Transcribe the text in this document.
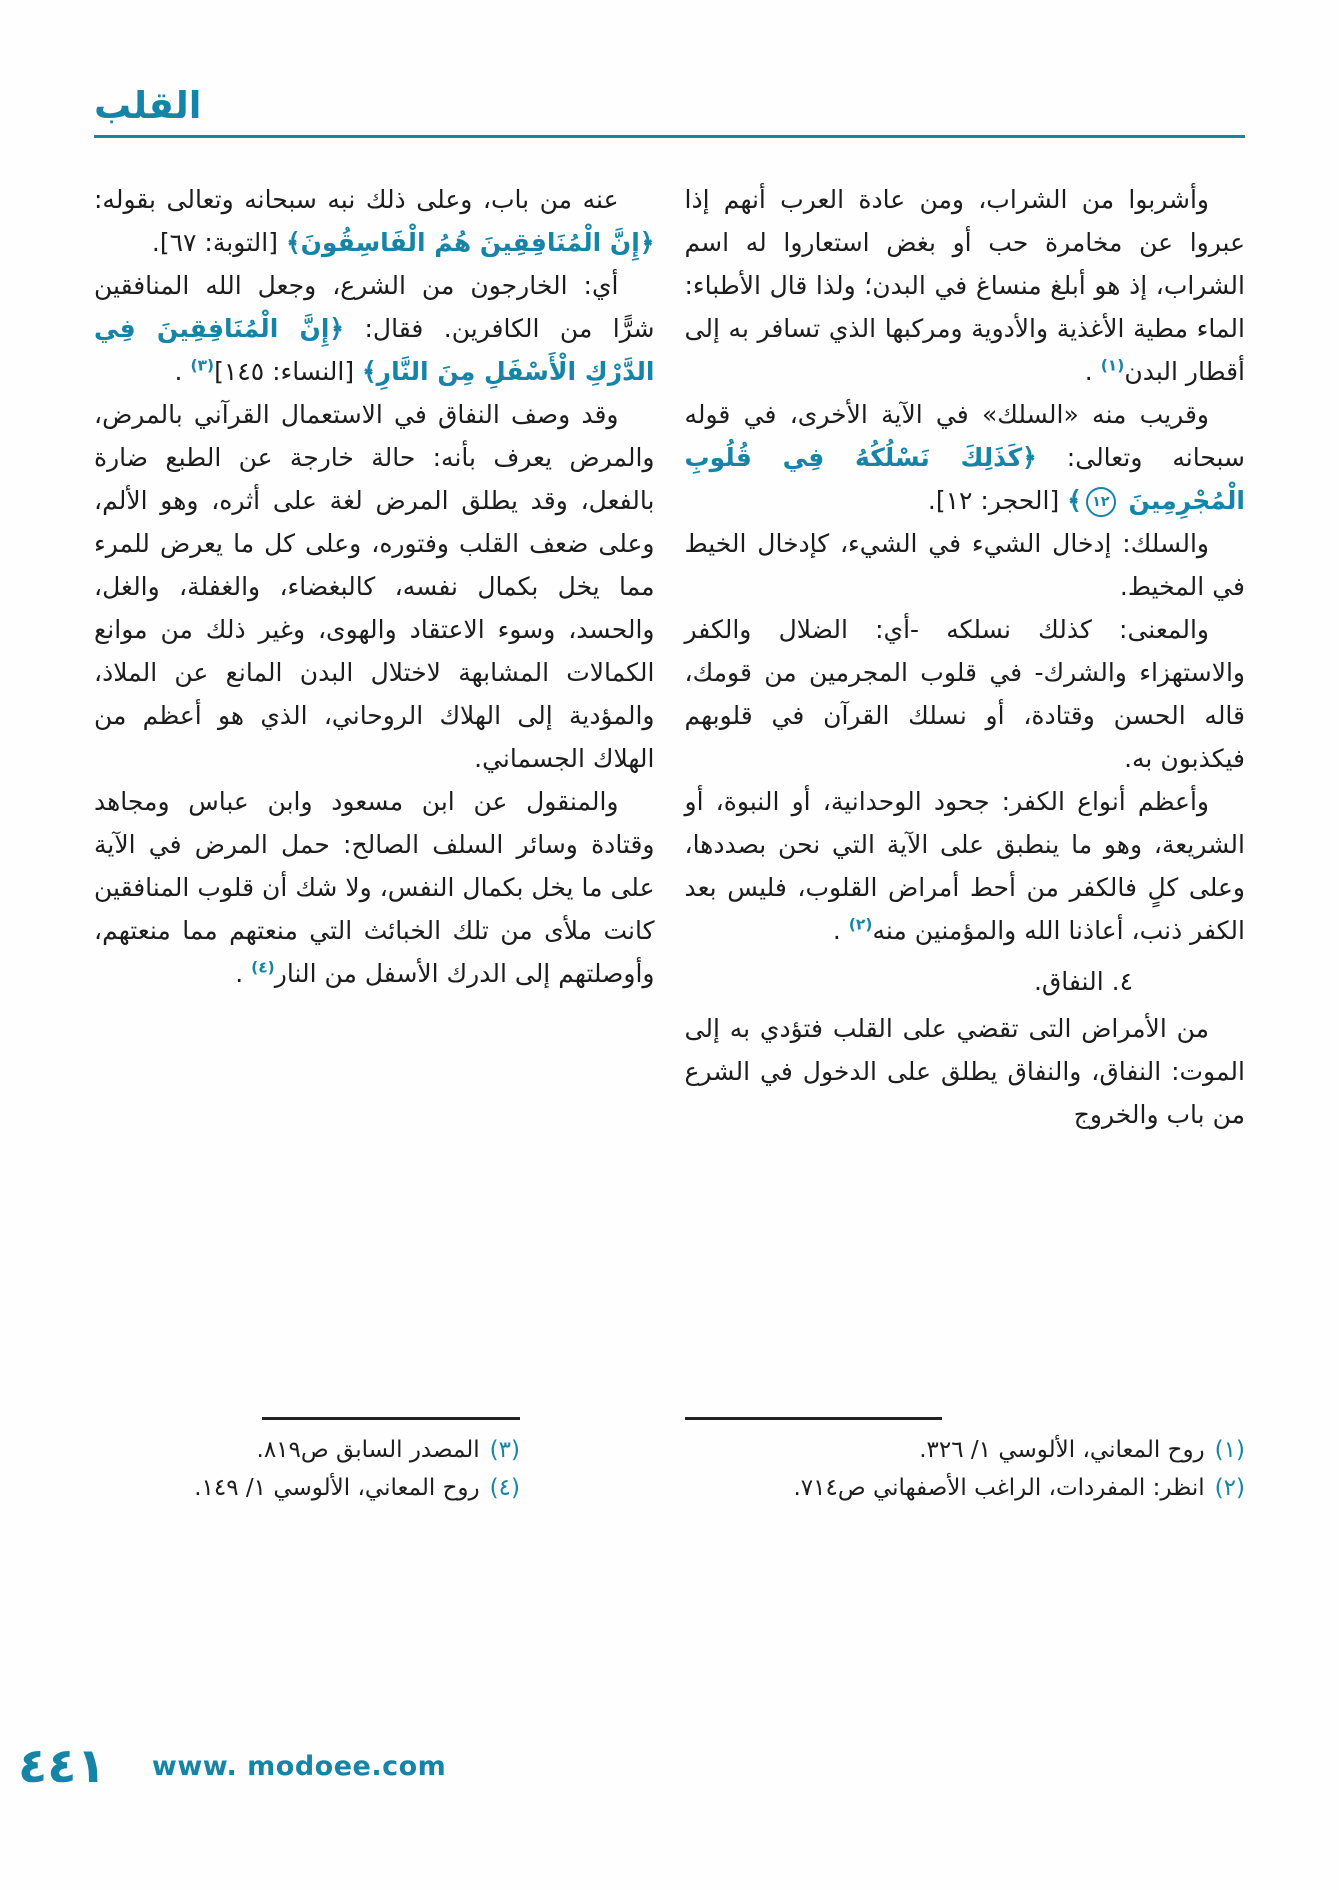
القلب

وأشربوا من الشراب، ومن عادة العرب أنهم إذا عبروا عن مخامرة حب أو بغض استعاروا له اسم الشراب، إذ هو أبلغ منساغ في البدن؛ ولذا قال الأطباء: الماء مطية الأغذية والأدوية ومركبها الذي تسافر به إلى أقطار البدن$^{(١)}$ .

وقريب منه «السلك» في الآية الأخرى، في قوله سبحانه وتعالى: ﴿كَذَلِكَ نَسْلُكُهُ فِي قُلُوبِ الْمُجْرِمِينَ ١٢﴾ [الحجر: ١٢].

والسلك: إدخال الشيء في الشيء، كإدخال الخيط في المخيط.

والمعنى: كذلك نسلكه -أي: الضلال والكفر والاستهزاء والشرك- في قلوب المجرمين من قومك، قاله الحسن وقتادة، أو نسلك القرآن في قلوبهم فيكذبون به.

وأعظم أنواع الكفر: جحود الوحدانية، أو النبوة، أو الشريعة، وهو ما ينطبق على الآية التي نحن بصددها، وعلى كلٍ فالكفر من أحط أمراض القلوب، فليس بعد الكفر ذنب، أعاذنا الله والمؤمنين منه$^{(٢)}$ .

٤. النفاق.

من الأمراض التى تقضي على القلب فتؤدي به إلى الموت: النفاق، والنفاق يطلق على الدخول في الشرع من باب والخروج

(١)
روح المعاني، الألوسي ١/ ٣٢٦.
(٢)
انظر: المفردات، الراغب الأصفهاني ص٧١٤.

عنه من باب، وعلى ذلك نبه سبحانه وتعالى بقوله: ﴿إِنَّ الْمُنَافِقِينَ هُمُ الْفَاسِقُونَ﴾ [التوبة: ٦٧].

أي: الخارجون من الشرع، وجعل الله المنافقين شرًّا من الكافرين. فقال: ﴿إِنَّ الْمُنَافِقِينَ فِي الدَّرْكِ الْأَسْفَلِ مِنَ النَّارِ﴾ [النساء: ١٤٥]$^{(٣)}$ .

وقد وصف النفاق في الاستعمال القرآني بالمرض، والمرض يعرف بأنه: حالة خارجة عن الطبع ضارة بالفعل، وقد يطلق المرض لغة على أثره، وهو الألم، وعلى ضعف القلب وفتوره، وعلى كل ما يعرض للمرء مما يخل بكمال نفسه، كالبغضاء، والغفلة، والغل، والحسد، وسوء الاعتقاد والهوى، وغير ذلك من موانع الكمالات المشابهة لاختلال البدن المانع عن الملاذ، والمؤدية إلى الهلاك الروحاني، الذي هو أعظم من الهلاك الجسماني.

والمنقول عن ابن مسعود وابن عباس ومجاهد وقتادة وسائر السلف الصالح: حمل المرض في الآية على ما يخل بكمال النفس، ولا شك أن قلوب المنافقين كانت ملأى من تلك الخبائث التي منعتهم مما منعتهم، وأوصلتهم إلى الدرك الأسفل من النار$^{(٤)}$ .

(٣)
المصدر السابق ص٨١٩.
(٤)
روح المعاني، الألوسي ١/ ١٤٩.
٤٤١ www. modoee.com
